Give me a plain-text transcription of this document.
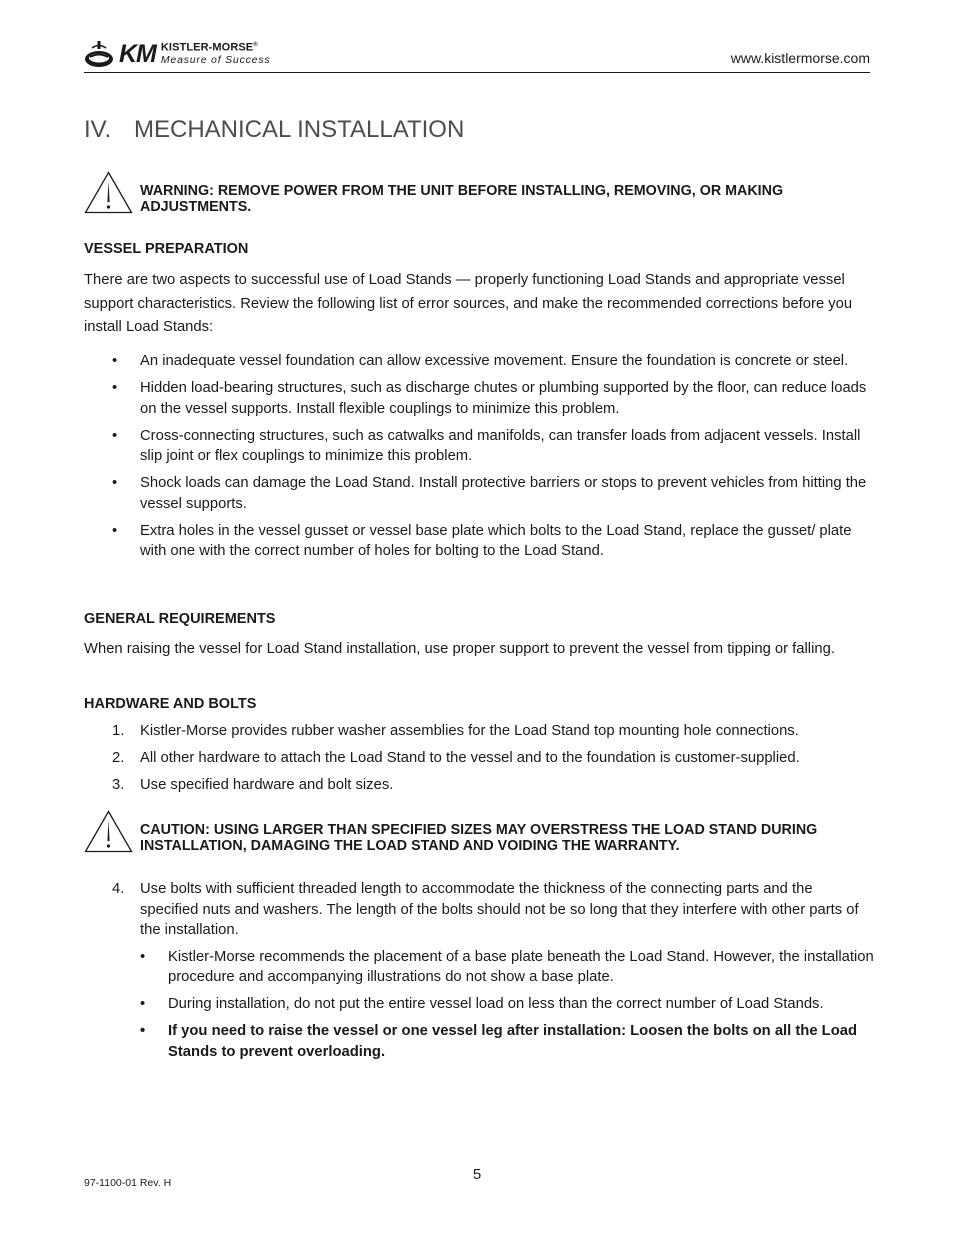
KM KISTLER-MORSE®
Measure of Success	www.kistlermorse.com
IV. MECHANICAL INSTALLATION
WARNING: REMOVE POWER FROM THE UNIT BEFORE INSTALLING, REMOVING, OR MAKING ADJUSTMENTS.
VESSEL PREPARATION
There are two aspects to successful use of Load Stands — properly functioning Load Stands and appropriate vessel support characteristics. Review the following list of error sources, and make the recommended corrections before you install Load Stands:
• An inadequate vessel foundation can allow excessive movement. Ensure the foundation is concrete or steel.
• Hidden load-bearing structures, such as discharge chutes or plumbing supported by the floor, can reduce loads on the vessel supports. Install flexible couplings to minimize this problem.
• Cross-connecting structures, such as catwalks and manifolds, can transfer loads from adjacent vessels. Install slip joint or flex couplings to minimize this problem.
• Shock loads can damage the Load Stand. Install protective barriers or stops to prevent vehicles from hitting the vessel supports.
• Extra holes in the vessel gusset or vessel base plate which bolts to the Load Stand, replace the gusset/ plate with one with the correct number of holes for bolting to the Load Stand.
GENERAL REQUIREMENTS
When raising the vessel for Load Stand installation, use proper support to prevent the vessel from tipping or falling.
HARDWARE AND BOLTS
1. Kistler-Morse provides rubber washer assemblies for the Load Stand top mounting hole connections.
2. All other hardware to attach the Load Stand to the vessel and to the foundation is customer-supplied.
3. Use specified hardware and bolt sizes.
CAUTION: USING LARGER THAN SPECIFIED SIZES MAY OVERSTRESS THE LOAD STAND DURING INSTALLATION, DAMAGING THE LOAD STAND AND VOIDING THE WARRANTY.
4. Use bolts with sufficient threaded length to accommodate the thickness of the connecting parts and the specified nuts and washers. The length of the bolts should not be so long that they interfere with other parts of the installation.
• Kistler-Morse recommends the placement of a base plate beneath the Load Stand. However, the installation procedure and accompanying illustrations do not show a base plate.
• During installation, do not put the entire vessel load on less than the correct number of Load Stands.
• If you need to raise the vessel or one vessel leg after installation: Loosen the bolts on all the Load Stands to prevent overloading.
5
97-1100-01 Rev. H
